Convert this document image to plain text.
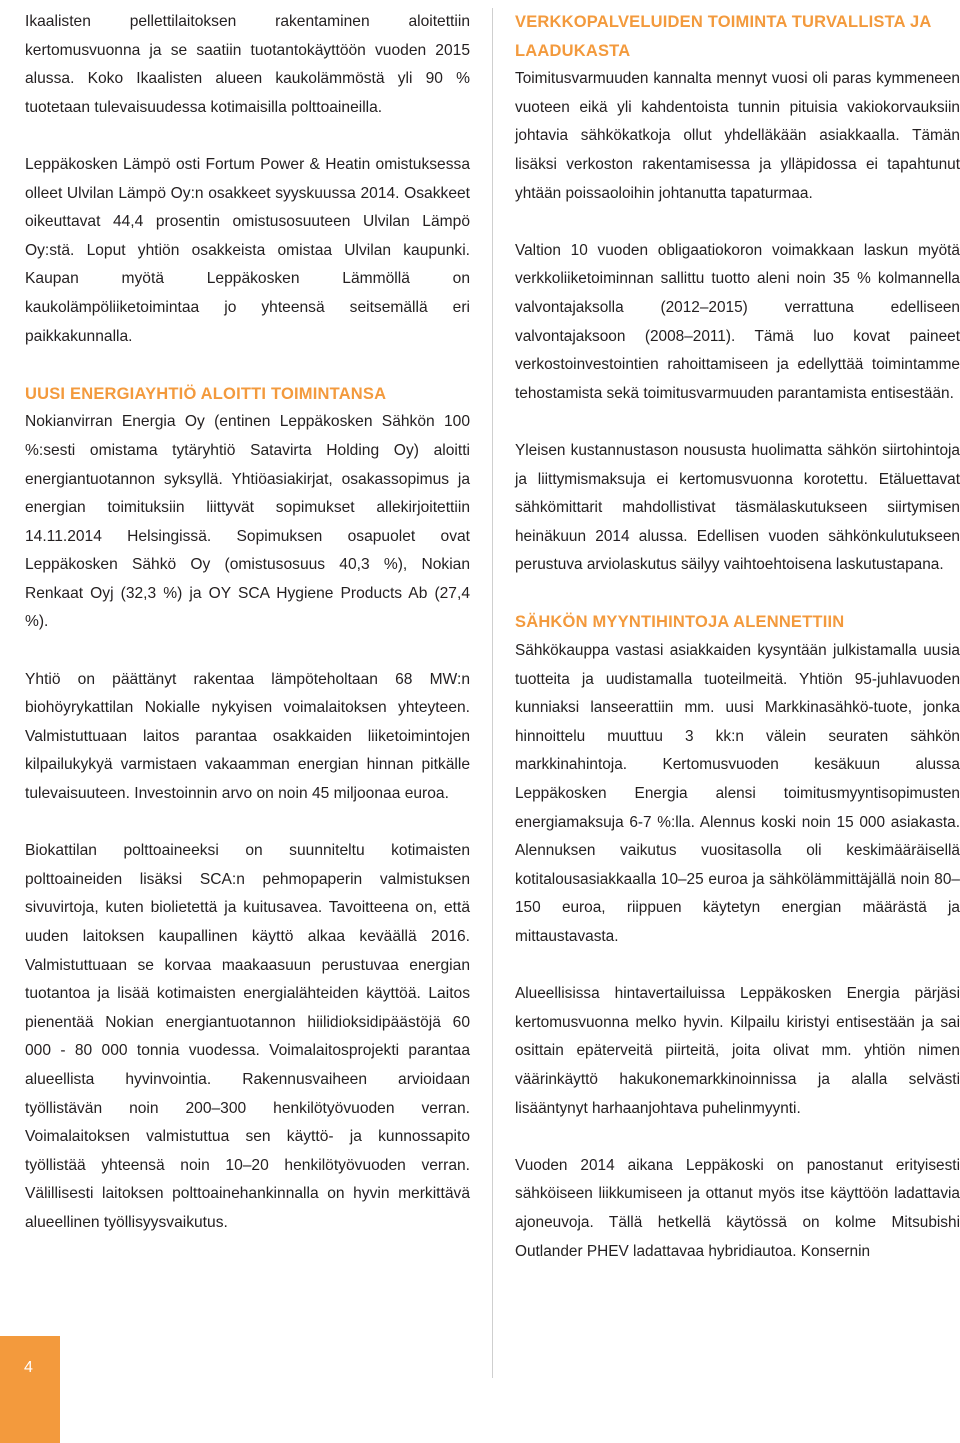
Ikaalisten pellettilaitoksen rakentaminen aloitettiin kertomusvuonna ja se saatiin tuotantokäyttöön vuoden 2015 alussa. Koko Ikaalisten alueen kaukolämmöstä yli 90 % tuotetaan tulevaisuudessa kotimaisilla polttoaineilla.

Leppäkosken Lämpö osti Fortum Power & Heatin omistuksessa olleet Ulvilan Lämpö Oy:n osakkeet syyskuussa 2014. Osakkeet oikeuttavat 44,4 prosentin omistusosuuteen Ulvilan Lämpö Oy:stä. Loput yhtiön osakkeista omistaa Ulvilan kaupunki. Kaupan myötä Leppäkosken Lämmöllä on kaukolämpöliiketoimintaa jo yhteensä seitsemällä eri paikkakunnalla.

UUSI ENERGIAYHTIÖ ALOITTI TOIMINTANSA

Nokianvirran Energia Oy (entinen Leppäkosken Sähkön 100 %:sesti omistama tytäryhtiö Satavirta Holding Oy) aloitti energiantuotannon syksyllä. Yhtiöasiakirjat, osakassopimus ja energian toimituksiin liittyvät sopimukset allekirjoitettiin 14.11.2014 Helsingissä. Sopimuksen osapuolet ovat Leppäkosken Sähkö Oy (omistusosuus 40,3 %), Nokian Renkaat Oyj (32,3 %) ja OY SCA Hygiene Products Ab (27,4 %).

Yhtiö on päättänyt rakentaa lämpöteholtaan 68 MW:n biohöyrykattilan Nokialle nykyisen voimalaitoksen yhteyteen. Valmistuttuaan laitos parantaa osakkaiden liiketoimintojen kilpailukykyä varmistaen vakaamman energian hinnan pitkälle tulevaisuuteen. Investoinnin arvo on noin 45 miljoonaa euroa.

Biokattilan polttoaineeksi on suunniteltu kotimaisten polttoaineiden lisäksi SCA:n pehmopaperin valmistuksen sivuvirtoja, kuten biolietettä ja kuitusavea. Tavoitteena on, että uuden laitoksen kaupallinen käyttö alkaa keväällä 2016. Valmistuttuaan se korvaa maakaasuun perustuvaa energian tuotantoa ja lisää kotimaisten energialähteiden käyttöä. Laitos pienentää Nokian energiantuotannon hiilidioksidipäästöjä 60 000 - 80 000 tonnia vuodessa. Voimalaitosprojekti parantaa alueellista hyvinvointia. Rakennusvaiheen arvioidaan työllistävän noin 200–300 henkilötyövuoden verran. Voimalaitoksen valmistuttua sen käyttö- ja kunnossapito työllistää yhteensä noin 10–20 henkilötyövuoden verran. Välillisesti laitoksen polttoainehankinnalla on hyvin merkittävä alueellinen työllisyysvaikutus.

VERKKOPALVELUIDEN TOIMINTA TURVALLISTA JA LAADUKASTA

Toimitusvarmuuden kannalta mennyt vuosi oli paras kymmeneen vuoteen eikä yli kahdentoista tunnin pituisia vakiokorvauksiin johtavia sähkökatkoja ollut yhdelläkään asiakkaalla. Tämän lisäksi verkoston rakentamisessa ja ylläpidossa ei tapahtunut yhtään poissaoloihin johtanutta tapaturmaa.

Valtion 10 vuoden obligaatiokoron voimakkaan laskun myötä verkkoliiketoiminnan sallittu tuotto aleni noin 35 % kolmannella valvontajaksolla (2012–2015) verrattuna edelliseen valvontajaksoon (2008–2011). Tämä luo kovat paineet verkostoinvestointien rahoittamiseen ja edellyttää toimintamme tehostamista sekä toimitusvarmuuden parantamista entisestään.

Yleisen kustannustason noususta huolimatta sähkön siirtohintoja ja liittymismaksuja ei kertomusvuonna korotettu. Etäluettavat sähkömittarit mahdollistivat täsmälaskutukseen siirtymisen heinäkuun 2014 alussa. Edellisen vuoden sähkönkulutukseen perustuva arviolaskutus säilyy vaihtoehtoisena laskutustapana.

SÄHKÖN MYYNTIHINTOJA ALENNETTIIN

Sähkökauppa vastasi asiakkaiden kysyntään julkistamalla uusia tuotteita ja uudistamalla tuoteilmeitä. Yhtiön 95-juhlavuoden kunniaksi lanseerattiin mm. uusi Markkinasähkö-tuote, jonka hinnoittelu muuttuu 3 kk:n välein seuraten sähkön markkinahintoja. Kertomusvuoden kesäkuun alussa Leppäkosken Energia alensi toimitusmyyntisopimusten energiamaksuja 6-7 %:lla. Alennus koski noin 15 000 asiakasta. Alennuksen vaikutus vuositasolla oli keskimääräisellä kotitalousasiakkaalla 10–25 euroa ja sähkölämmittäjällä noin 80–150 euroa, riippuen käytetyn energian määrästä ja mittaustavasta.

Alueellisissa hintavertailuissa Leppäkosken Energia pärjäsi kertomusvuonna melko hyvin. Kilpailu kiristyi entisestään ja sai osittain epäterveitä piirteitä, joita olivat mm. yhtiön nimen väärinkäyttö hakukonemarkkinoinnissa ja alalla selvästi lisääntynyt harhaanjohtava puhelinmyynti.

Vuoden 2014 aikana Leppäkoski on panostanut erityisesti sähköiseen liikkumiseen ja ottanut myös itse käyttöön ladattavia ajoneuvoja. Tällä hetkellä käytössä on kolme Mitsubishi Outlander PHEV ladattavaa hybridiautoa. Konsernin

4
